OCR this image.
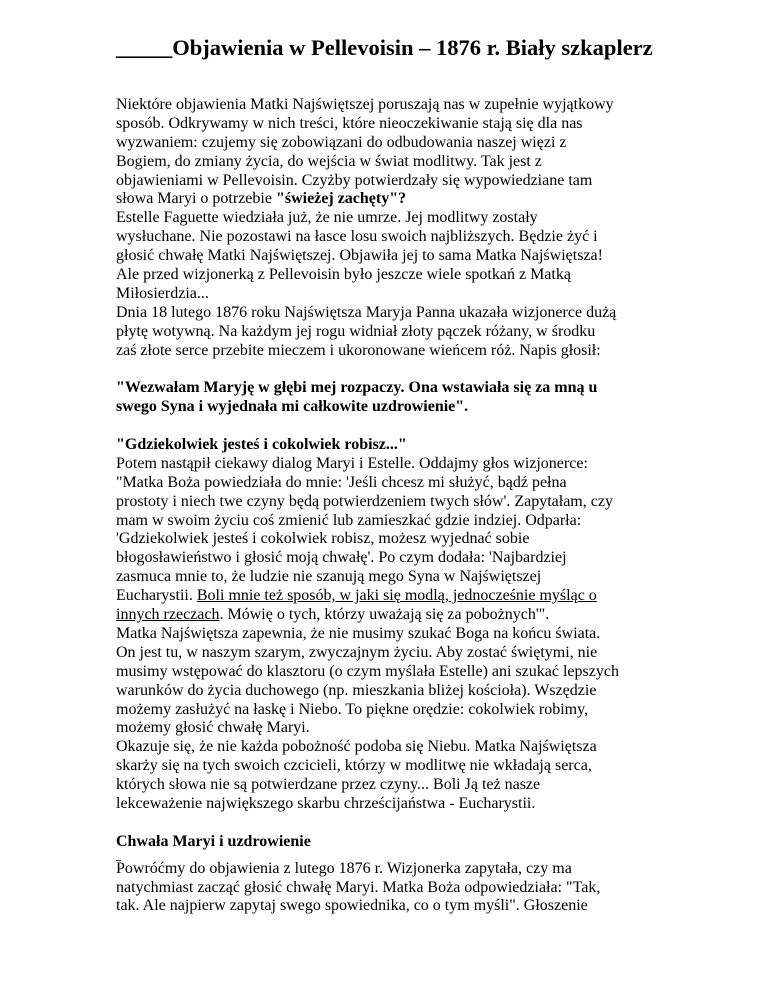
_____Objawienia w Pellevoisin – 1876 r. Biały szkaplerz
Niektóre objawienia Matki Najświętszej poruszają nas w zupełnie wyjątkowy
sposób. Odkrywamy w nich treści, które nieoczekiwanie stają się dla nas
wyzwaniem: czujemy się zobowiązani do odbudowania naszej więzi z
Bogiem, do zmiany życia, do wejścia w świat modlitwy. Tak jest z
objawieniami w Pellevoisin. Czyżby potwierdzały się wypowiedziane tam
słowa Maryi o potrzebie "świeżej zachęty"?
Estelle Faguette wiedziała już, że nie umrze. Jej modlitwy zostały
wysłuchane. Nie pozostawi na łasce losu swoich najbliższych. Będzie żyć i
głosić chwałę Matki Najświętszej. Objawiła jej to sama Matka Najświętsza!
Ale przed wizjonerką z Pellevoisin było jeszcze wiele spotkań z Matką
Miłosierdzia...
Dnia 18 lutego 1876 roku Najświętsza Maryja Panna ukazała wizjonerce dużą
płytę wotywną. Na każdym jej rogu widniał złoty pączek różany, w środku
zaś złote serce przebite mieczem i ukoronowane wieńcem róż. Napis głosił:
"Wezwałam Maryję w głębi mej rozpaczy. Ona wstawiała się za mną u
swego Syna i wyjednała mi całkowite uzdrowienie".
"Gdziekolwiek jesteś i cokolwiek robisz..."
Potem nastąpił ciekawy dialog Maryi i Estelle. Oddajmy głos wizjonerce:
"Matka Boża powiedziała do mnie: 'Jeśli chcesz mi służyć, bądź pełna
prostoty i niech twe czyny będą potwierdzeniem twych słów'. Zapytałam, czy
mam w swoim życiu coś zmienić lub zamieszkać gdzie indziej. Odparła:
'Gdziekolwiek jesteś i cokolwiek robisz, możesz wyjednać sobie
błogosławieństwo i głosić moją chwałę'. Po czym dodała: 'Najbardziej
zasmuca mnie to, że ludzie nie szanują mego Syna w Najświętszej
Eucharystii. Boli mnie też sposób, w jaki się modlą, jednocześnie myśląc o
innych rzeczach. Mówię o tych, którzy uważają się za pobożnych'".
Matka Najświętsza zapewnia, że nie musimy szukać Boga na końcu świata.
On jest tu, w naszym szarym, zwyczajnym życiu. Aby zostać świętymi, nie
musimy wstępować do klasztoru (o czym myślała Estelle) ani szukać lepszych
warunków do życia duchowego (np. mieszkania bliżej kościoła). Wszędzie
możemy zasłużyć na łaskę i Niebo. To piękne orędzie: cokolwiek robimy,
możemy głosić chwałę Maryi.
Okazuje się, że nie każda pobożność podoba się Niebu. Matka Najświętsza
skarży się na tych swoich czcicieli, którzy w modlitwę nie wkładają serca,
których słowa nie są potwierdzane przez czyny... Boli Ją też nasze
lekceważenie największego skarbu chrześcijaństwa - Eucharystii.
Chwała Maryi i uzdrowienie
Powróćmy do objawienia z lutego 1876 r. Wizjonerka zapytała, czy ma
natychmiast zacząć głosić chwałę Maryi. Matka Boża odpowiedziała: "Tak,
tak. Ale najpierw zapytaj swego spowiednika, co o tym myśli". Głoszenie
